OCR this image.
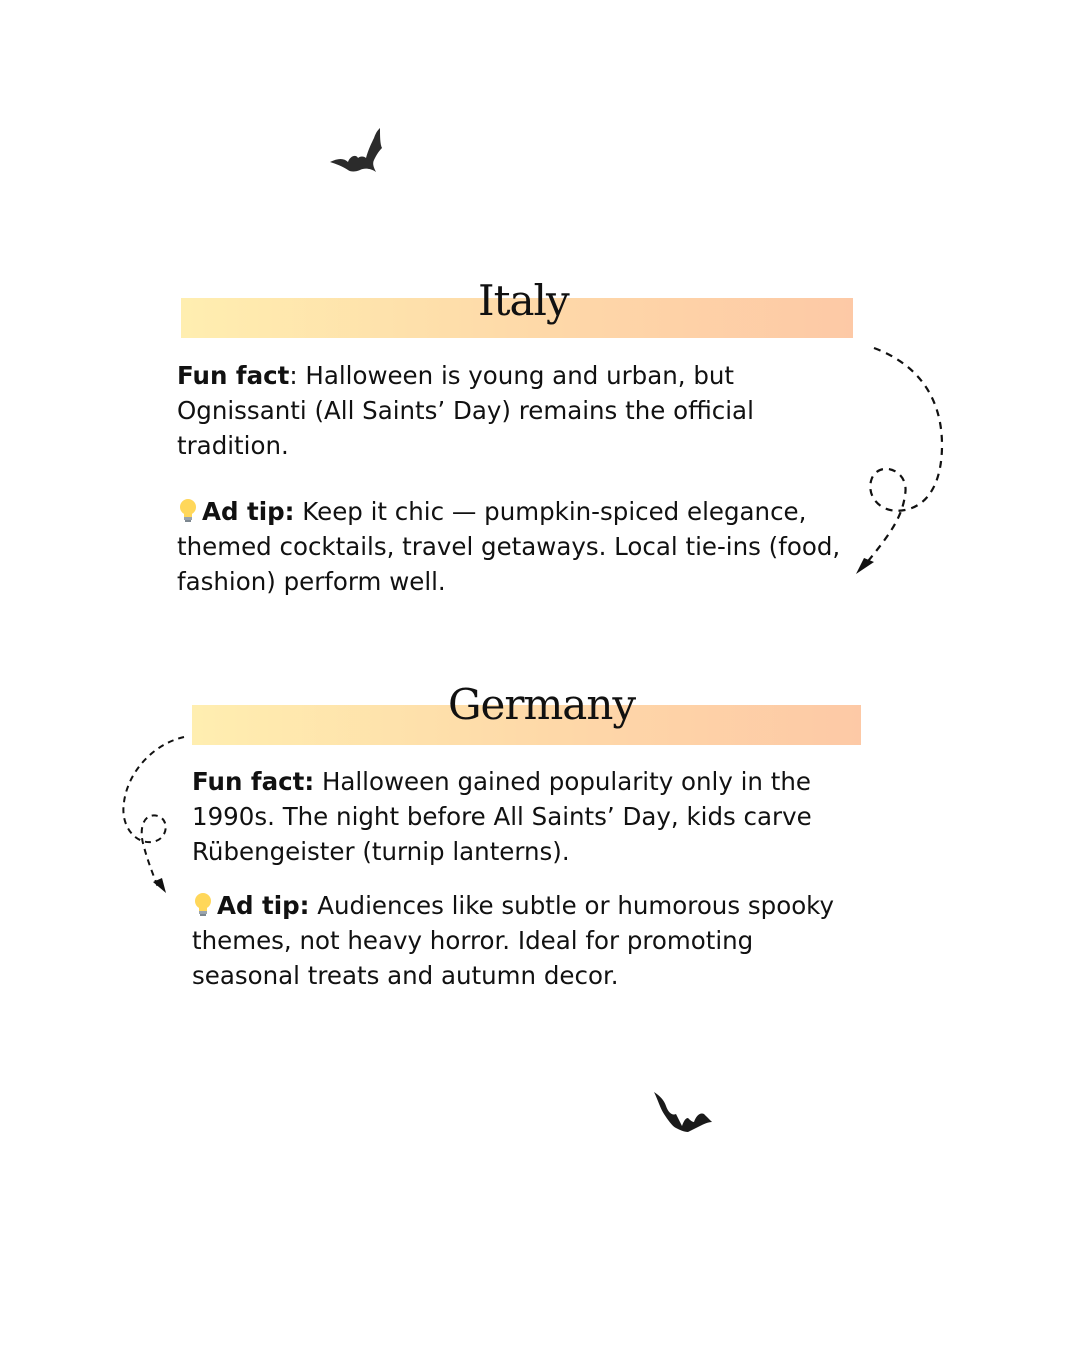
Italy
Fun fact: Halloween is young and urban, but Ognissanti (All Saints’ Day) remains the official tradition.
Ad tip: Keep it chic — pumpkin-spiced elegance, themed cocktails, travel getaways. Local tie-ins (food, fashion) perform well.
Germany
Fun fact: Halloween gained popularity only in the 1990s. The night before All Saints’ Day, kids carve Rübengeister (turnip lanterns).
Ad tip: Audiences like subtle or humorous spooky themes, not heavy horror. Ideal for promoting seasonal treats and autumn decor.
